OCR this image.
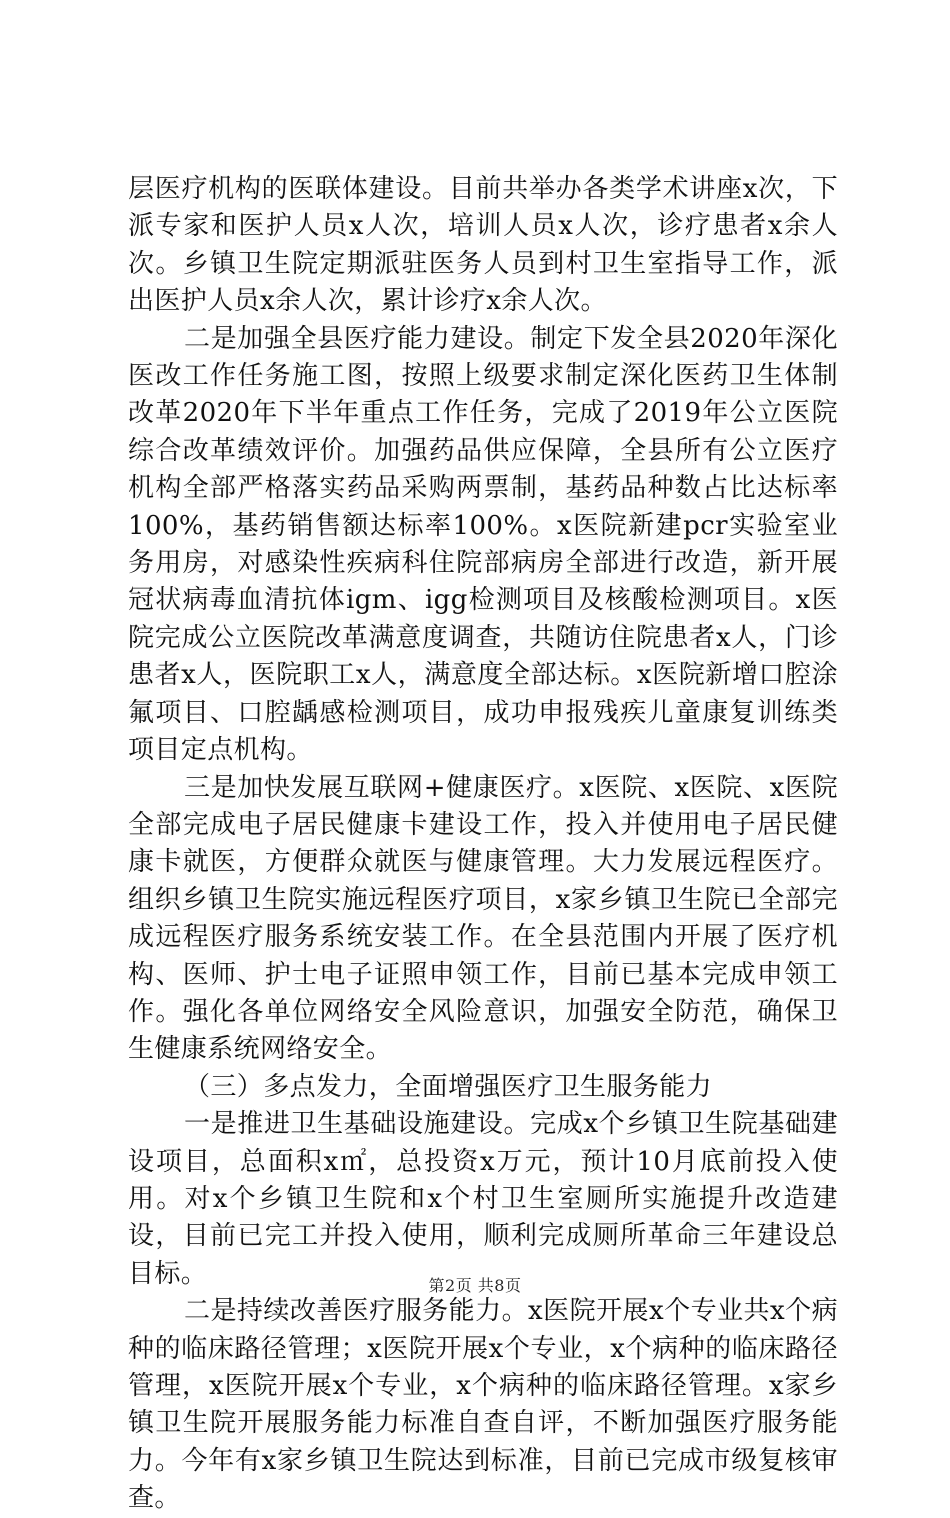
层医疗机构的医联体建设。目前共举办各类学术讲座x次，下派专家和医护人员x人次，培训人员x人次，诊疗患者x余人次。乡镇卫生院定期派驻医务人员到村卫生室指导工作，派出医护人员x余人次，累计诊疗x余人次。

二是加强全县医疗能力建设。制定下发全县2020年深化医改工作任务施工图，按照上级要求制定深化医药卫生体制改革2020年下半年重点工作任务，完成了2019年公立医院综合改革绩效评价。加强药品供应保障，全县所有公立医疗机构全部严格落实药品采购两票制，基药品种数占比达标率100%，基药销售额达标率100%。x医院新建pcr实验室业务用房，对感染性疾病科住院部病房全部进行改造，新开展冠状病毒血清抗体igm、igg检测项目及核酸检测项目。x医院完成公立医院改革满意度调查，共随访住院患者x人，门诊患者x人，医院职工x人，满意度全部达标。x医院新增口腔涂氟项目、口腔龋感检测项目，成功申报残疾儿童康复训练类项目定点机构。

三是加快发展互联网+健康医疗。x医院、x医院、x医院全部完成电子居民健康卡建设工作，投入并使用电子居民健康卡就医，方便群众就医与健康管理。大力发展远程医疗。组织乡镇卫生院实施远程医疗项目，x家乡镇卫生院已全部完成远程医疗服务系统安装工作。在全县范围内开展了医疗机构、医师、护士电子证照申领工作，目前已基本完成申领工作。强化各单位网络安全风险意识，加强安全防范，确保卫生健康系统网络安全。

（三）多点发力，全面增强医疗卫生服务能力

一是推进卫生基础设施建设。完成x个乡镇卫生院基础建设项目，总面积x㎡，总投资x万元，预计10月底前投入使用。对x个乡镇卫生院和x个村卫生室厕所实施提升改造建设，目前已完工并投入使用，顺利完成厕所革命三年建设总目标。

二是持续改善医疗服务能力。x医院开展x个专业共x个病种的临床路径管理；x医院开展x个专业，x个病种的临床路径管理，x医院开展x个专业，x个病种的临床路径管理。x家乡镇卫生院开展服务能力标准自查自评，不断加强医疗服务能力。今年有x家乡镇卫生院达到标准，目前已完成市级复核审查。

第2页 共8页
